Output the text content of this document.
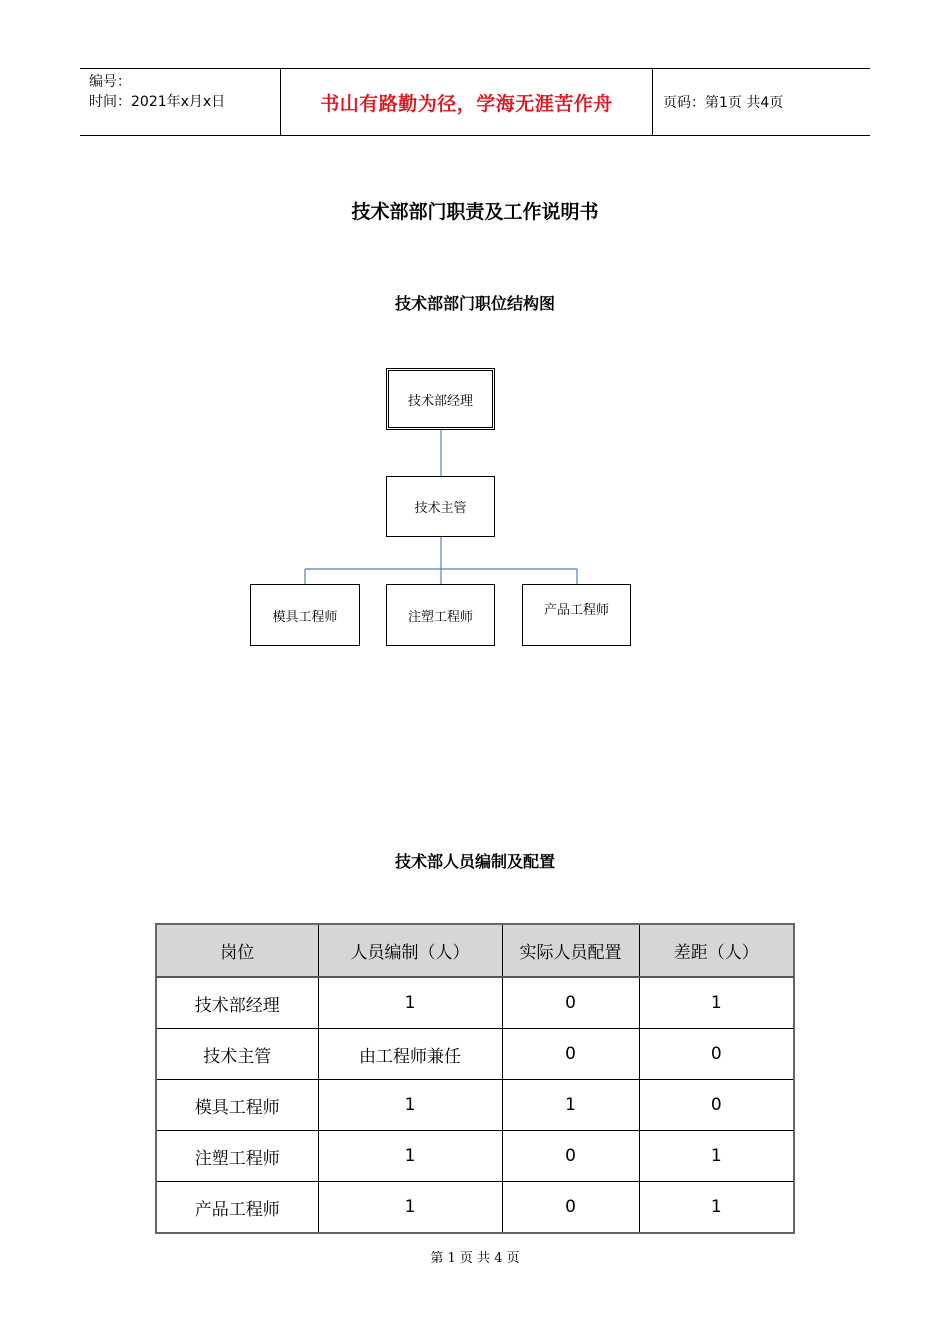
编号：
时间：2021年x月x日	书山有路勤为径，学海无涯苦作舟	页码：第1页 共4页
技术部部门职责及工作说明书
技术部部门职位结构图
技术部经理
技术主管
模具工程师	注塑工程师	产品工程师
技术部人员编制及配置
岗位	人员编制（人）	实际人员配置	差距（人）
技术部经理	1	0	1
技术主管	由工程师兼任	0	0
模具工程师	1	1	0
注塑工程师	1	0	1
产品工程师	1	0	1
第 1 页 共 4 页
